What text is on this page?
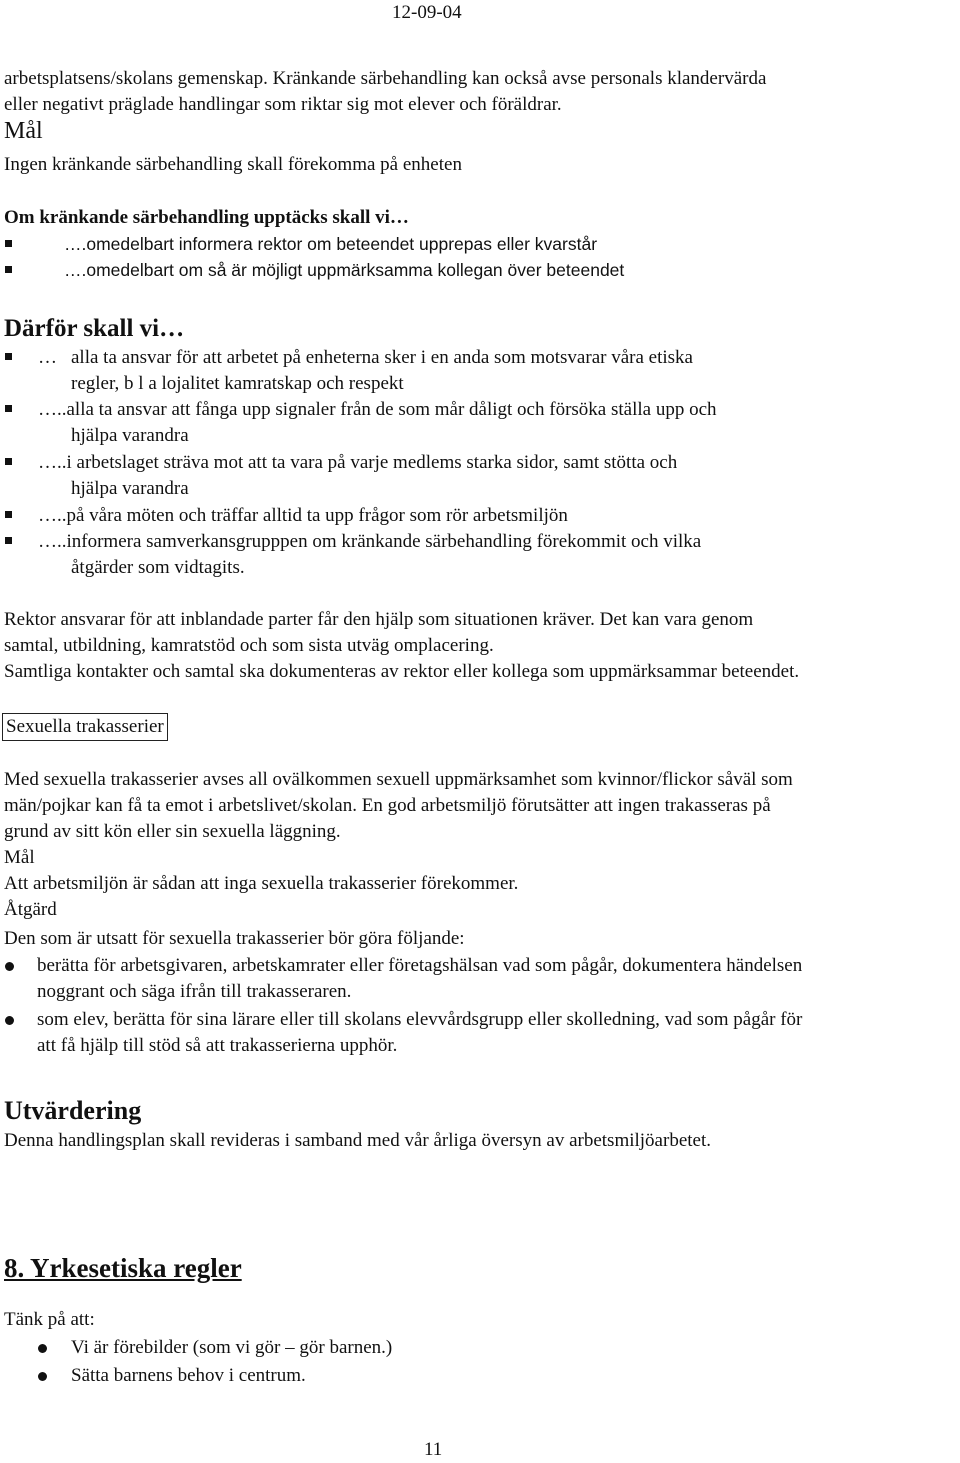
12-09-04
arbetsplatsens/skolans gemenskap. Kränkande särbehandling kan också avse personals klandervärda
eller negativt präglade handlingar som riktar sig mot elever och föräldrar.
Mål
Ingen kränkande särbehandling skall förekomma på enheten
Om kränkande särbehandling upptäcks skall vi…
….omedelbart informera rektor om beteendet upprepas eller kvarstår
….omedelbart om så är möjligt uppmärksamma kollegan över beteendet
Därför skall vi…
… alla ta ansvar för att arbetet på enheterna sker i en anda som motsvarar våra etiska
regler, b l a lojalitet kamratskap och respekt
…..alla ta ansvar att fånga upp signaler från de som mår dåligt och försöka ställa upp och
hjälpa varandra
…..i arbetslaget sträva mot att ta vara på varje medlems starka sidor, samt stötta och
hjälpa varandra
…..på våra möten och träffar alltid ta upp frågor som rör arbetsmiljön
…..informera samverkansgrupppen om kränkande särbehandling förekommit och vilka
åtgärder som vidtagits.
Rektor ansvarar för att inblandade parter får den hjälp som situationen kräver. Det kan vara genom
samtal, utbildning, kamratstöd och som sista utväg omplacering.
Samtliga kontakter och samtal ska dokumenteras av rektor eller kollega som uppmärksammar beteendet.
Sexuella trakasserier
Med sexuella trakasserier avses all ovälkommen sexuell uppmärksamhet som kvinnor/flickor såväl som
män/pojkar kan få ta emot i arbetslivet/skolan. En god arbetsmiljö förutsätter att ingen trakasseras på
grund av sitt kön eller sin sexuella läggning.
Mål
Att arbetsmiljön är sådan att inga sexuella trakasserier förekommer.
Åtgärd
Den som är utsatt för sexuella trakasserier bör göra följande:
berätta för arbetsgivaren, arbetskamrater eller företagshälsan vad som pågår, dokumentera händelsen
noggrant och säga ifrån till trakasseraren.
som elev, berätta för sina lärare eller till skolans elevvårdsgrupp eller skolledning, vad som pågår för
att få hjälp till stöd så att trakasserierna upphör.
Utvärdering
Denna handlingsplan skall revideras i samband med vår årliga översyn av arbetsmiljöarbetet.
8. Yrkesetiska regler
Tänk på att:
Vi är förebilder (som vi gör – gör barnen.)
Sätta barnens behov i centrum.
11
